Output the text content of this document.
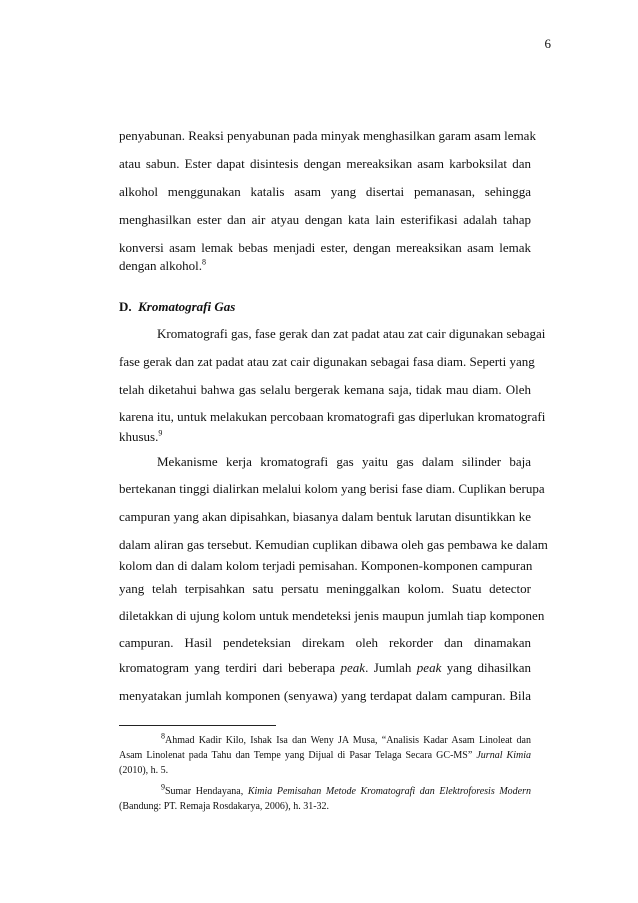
6
penyabunan. Reaksi penyabunan pada minyak menghasilkan garam asam lemak
atau sabun. Ester dapat disintesis dengan mereaksikan asam karboksilat dan
alkohol menggunakan katalis asam yang disertai pemanasan, sehingga
menghasilkan ester dan air atyau dengan kata lain esterifikasi adalah tahap
konversi asam lemak bebas menjadi ester, dengan mereaksikan asam lemak
dengan alkohol.$^8$
D. Kromatografi Gas
Kromatografi gas, fase gerak dan zat padat atau zat cair digunakan sebagai
fase gerak dan zat padat atau zat cair digunakan sebagai fasa diam. Seperti yang
telah diketahui bahwa gas selalu bergerak kemana saja, tidak mau diam. Oleh
karena itu, untuk melakukan percobaan kromatografi gas diperlukan kromatografi
khusus.$^9$
Mekanisme kerja kromatografi gas yaitu gas dalam silinder baja
bertekanan tinggi dialirkan melalui kolom yang berisi fase diam. Cuplikan berupa
campuran yang akan dipisahkan, biasanya dalam bentuk larutan disuntikkan ke
dalam aliran gas tersebut. Kemudian cuplikan dibawa oleh gas pembawa ke dalam
kolom dan di dalam kolom terjadi pemisahan. Komponen-komponen campuran
yang telah terpisahkan satu persatu meninggalkan kolom. Suatu detector
diletakkan di ujung kolom untuk mendeteksi jenis maupun jumlah tiap komponen
campuran. Hasil pendeteksian direkam oleh rekorder dan dinamakan
kromatogram yang terdiri dari beberapa peak. Jumlah peak yang dihasilkan
menyatakan jumlah komponen (senyawa) yang terdapat dalam campuran. Bila
$^8$Ahmad Kadir Kilo, Ishak Isa dan Weny JA Musa, “Analisis Kadar Asam Linoleat dan
Asam Linolenat pada Tahu dan Tempe yang Dijual di Pasar Telaga Secara GC-MS” Jurnal Kimia
(2010), h. 5.
$^9$Sumar Hendayana, Kimia Pemisahan Metode Kromatografi dan Elektroforesis Modern
(Bandung: PT. Remaja Rosdakarya, 2006), h. 31-32.
